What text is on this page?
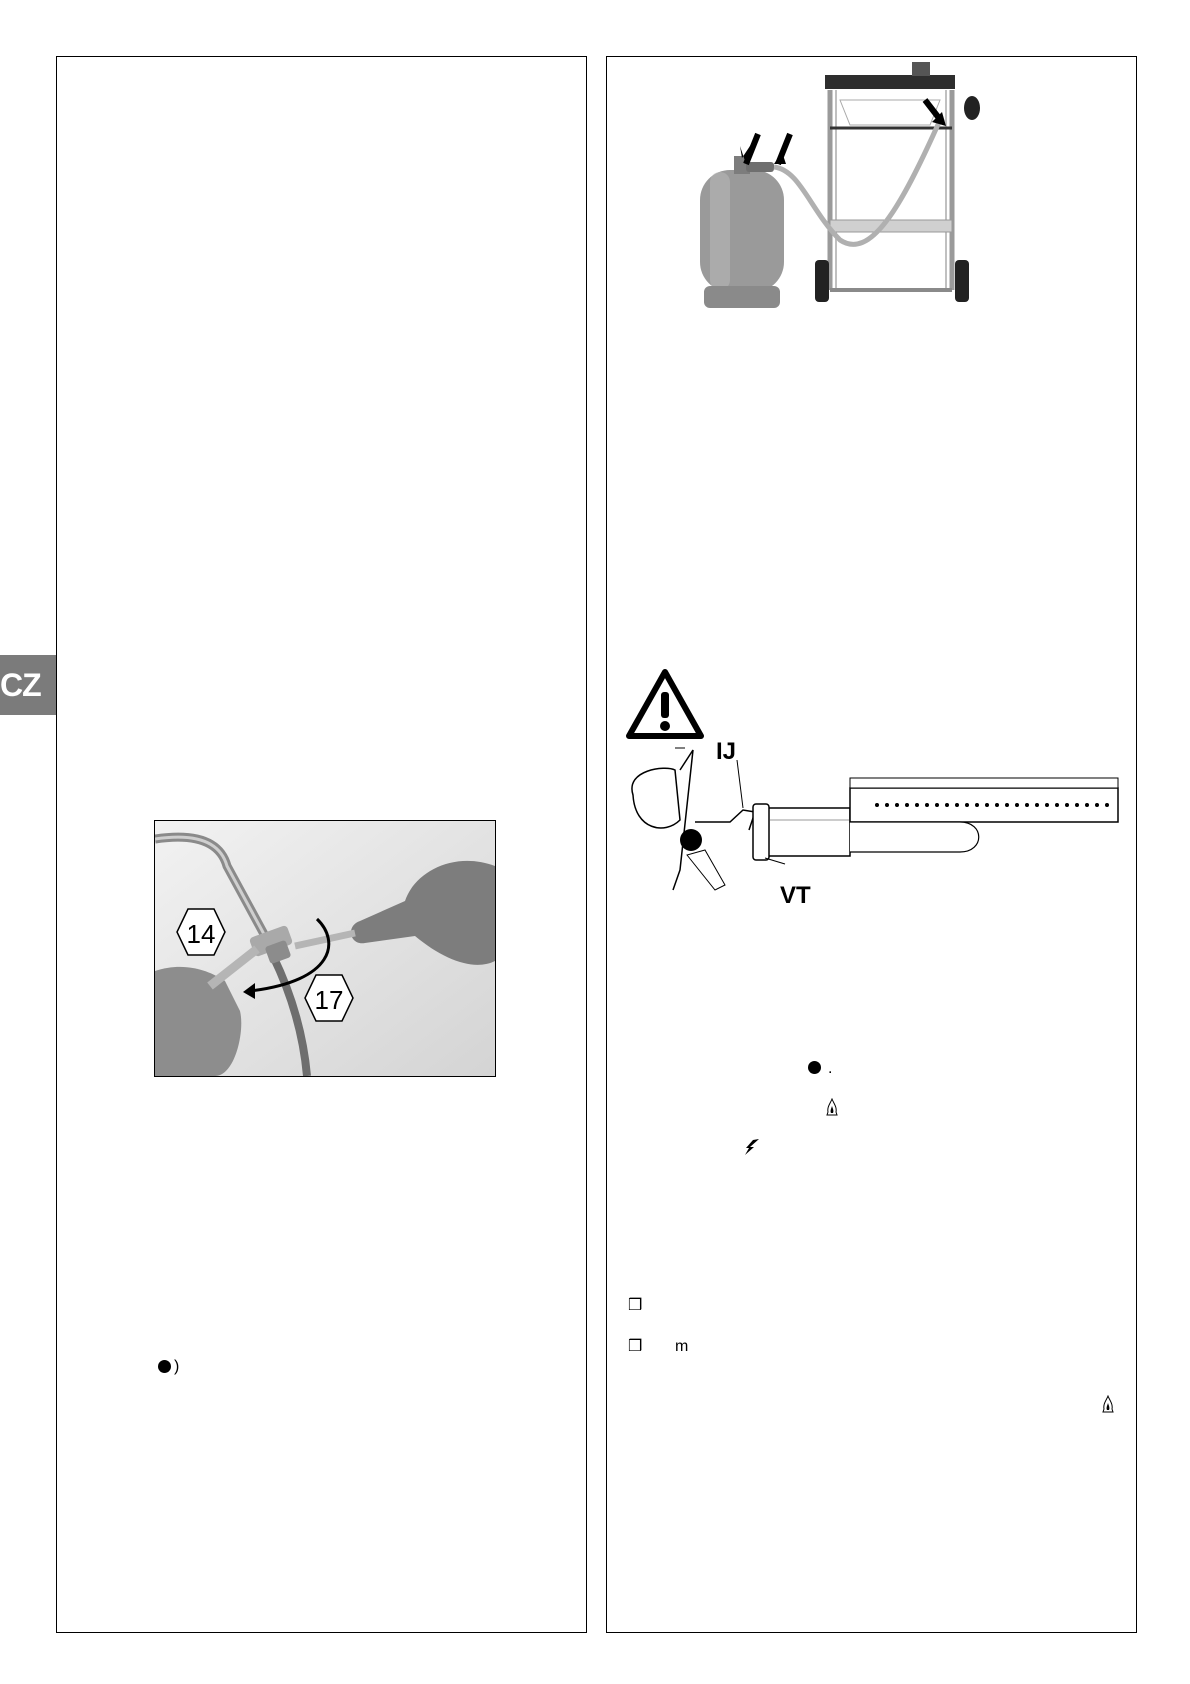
CZ
14
17
)
IJ
VT
.
❒
❒ m
